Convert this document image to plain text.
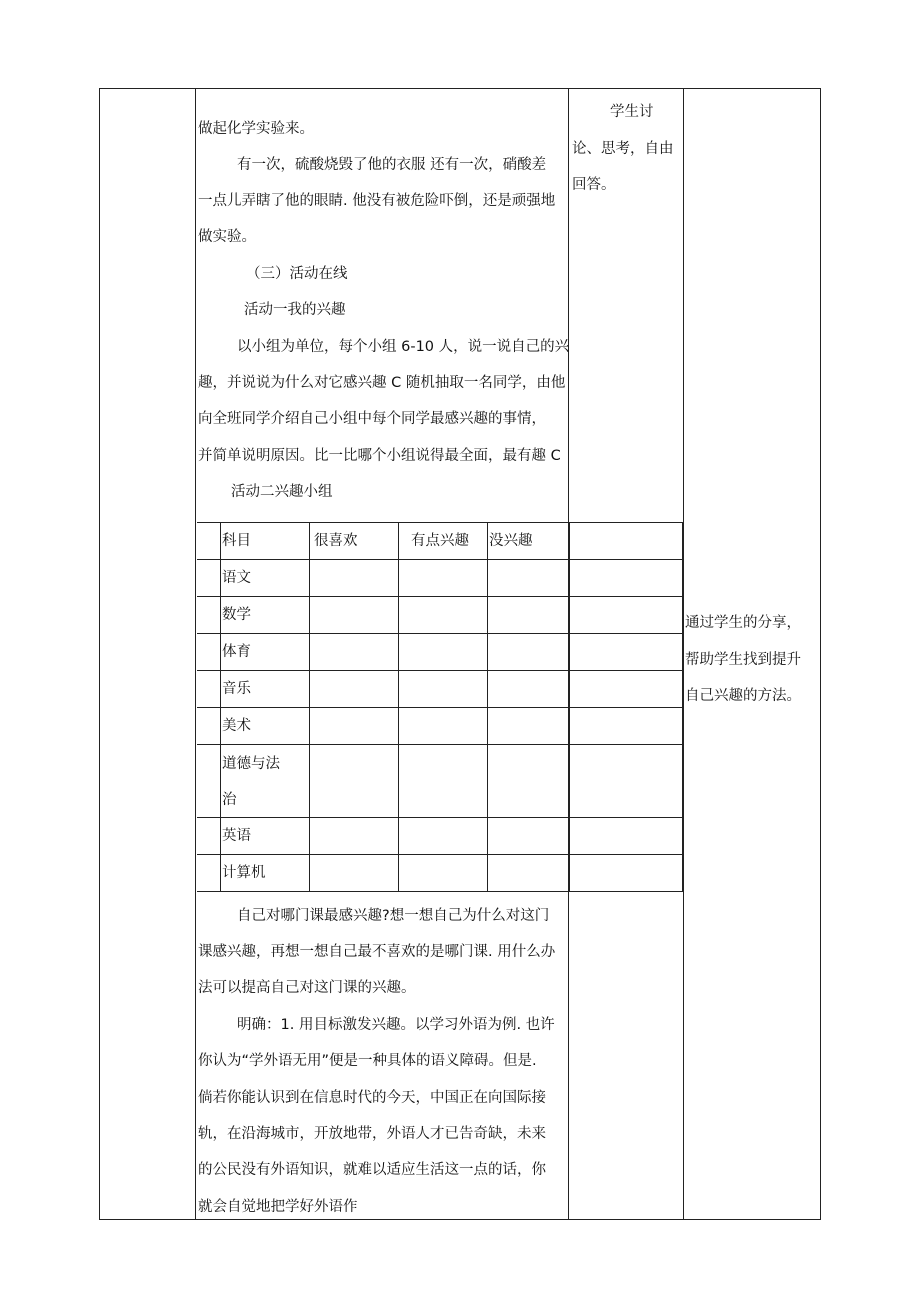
做起化学实验来。
有一次，硫酸烧毁了他的衣服 还有一次，硝酸差
一点儿弄瞎了他的眼睛. 他没有被危险吓倒，还是顽强地
做实验。
（三）活动在线
活动一我的兴趣
以小组为单位，每个小组 6-10 人，说一说自己的兴
趣，并说说为什么对它感兴趣 C 随机抽取一名同学，由他
向全班同学介绍自己小组中每个同学最感兴趣的事情，
并简单说明原因。比一比哪个小组说得最全面，最有趣 C
活动二兴趣小组
科目	很喜欢	有点兴趣 没兴趣
语文
数学
体育
音乐
美术
道德与法
治
英语
计算机
自己对哪门课最感兴趣?想一想自己为什么对这门
课感兴趣，再想一想自己最不喜欢的是哪门课. 用什么办
法可以提高自己对这门课的兴趣。
明确：1. 用目标激发兴趣。以学习外语为例. 也许
你认为“学外语无用”便是一种具体的语义障碍。但是.
倘若你能认识到在信息时代的今天，中国正在向国际接
轨，在沿海城市，开放地带，外语人才已告奇缺，未来
的公民没有外语知识，就难以适应生活这一点的话，你
就会自觉地把学好外语作
学生讨
论、思考，自由
回答。
通过学生的分享，
帮助学生找到提升
自己兴趣的方法。
